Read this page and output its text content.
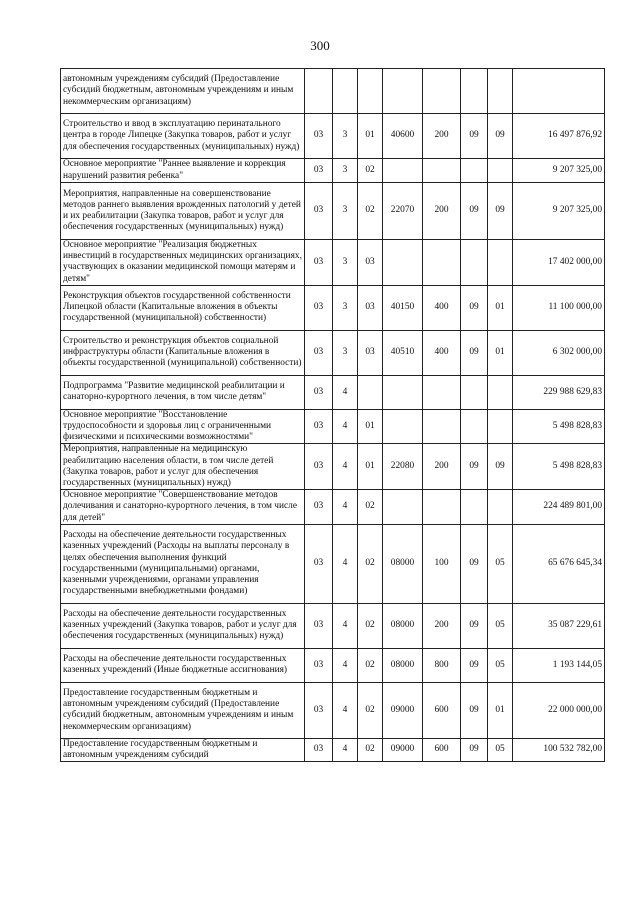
300
автономным учреждениям субсидий (Предоставление субсидий бюджетным, автономным учреждениям и иным некоммерческим организациям)								
Строительство и ввод в эксплуатацию перинатального центра в городе Липецке (Закупка товаров, работ и услуг для обеспечения государственных (муниципальных) нужд)	03	3	01	40600	200	09	09	16 497 876,92
Основное мероприятие "Раннее выявление и коррекция нарушений развития ребенка"	03	3	02					9 207 325,00
Мероприятия, направленные на совершенствование методов раннего выявления врожденных патологий у детей и их реабилитации (Закупка товаров, работ и услуг для обеспечения государственных (муниципальных) нужд)	03	3	02	22070	200	09	09	9 207 325,00
Основное мероприятие "Реализация бюджетных инвестиций в государственных медицинских организациях, участвующих в оказании медицинской помощи матерям и детям"	03	3	03					17 402 000,00
Реконструкция объектов государственной собственности Липецкой области (Капитальные вложения в объекты государственной (муниципальной) собственности)	03	3	03	40150	400	09	01	11 100 000,00
Строительство и реконструкция объектов социальной инфраструктуры области (Капитальные вложения в объекты государственной (муниципальной) собственности)	03	3	03	40510	400	09	01	6 302 000,00
Подпрограмма "Развитие медицинской реабилитации и санаторно-курортного лечения, в том числе детям"	03	4						229 988 629,83
Основное мероприятие "Восстановление трудоспособности и здоровья лиц с ограниченными физическими и психическими возможностями"	03	4	01					5 498 828,83
Мероприятия, направленные на медицинскую реабилитацию населения области, в том числе детей (Закупка товаров, работ и услуг для обеспечения государственных (муниципальных) нужд)	03	4	01	22080	200	09	09	5 498 828,83
Основное мероприятие "Совершенствование методов долечивания и санаторно-курортного лечения, в том числе для детей"	03	4	02					224 489 801,00
Расходы на обеспечение деятельности государственных казенных учреждений (Расходы на выплаты персоналу в целях обеспечения выполнения функций государственными (муниципальными) органами, казенными учреждениями, органами управления государственными внебюджетными фондами)	03	4	02	08000	100	09	05	65 676 645,34
Расходы на обеспечение деятельности государственных казенных учреждений (Закупка товаров, работ и услуг для обеспечения государственных (муниципальных) нужд)	03	4	02	08000	200	09	05	35 087 229,61
Расходы на обеспечение деятельности государственных казенных учреждений (Иные бюджетные ассигнования)	03	4	02	08000	800	09	05	1 193 144,05
Предоставление государственным бюджетным и автономным учреждениям субсидий (Предоставление субсидий бюджетным, автономным учреждениям и иным некоммерческим организациям)	03	4	02	09000	600	09	01	22 000 000,00
Предоставление государственным бюджетным и автономным учреждениям субсидий	03	4	02	09000	600	09	05	100 532 782,00
